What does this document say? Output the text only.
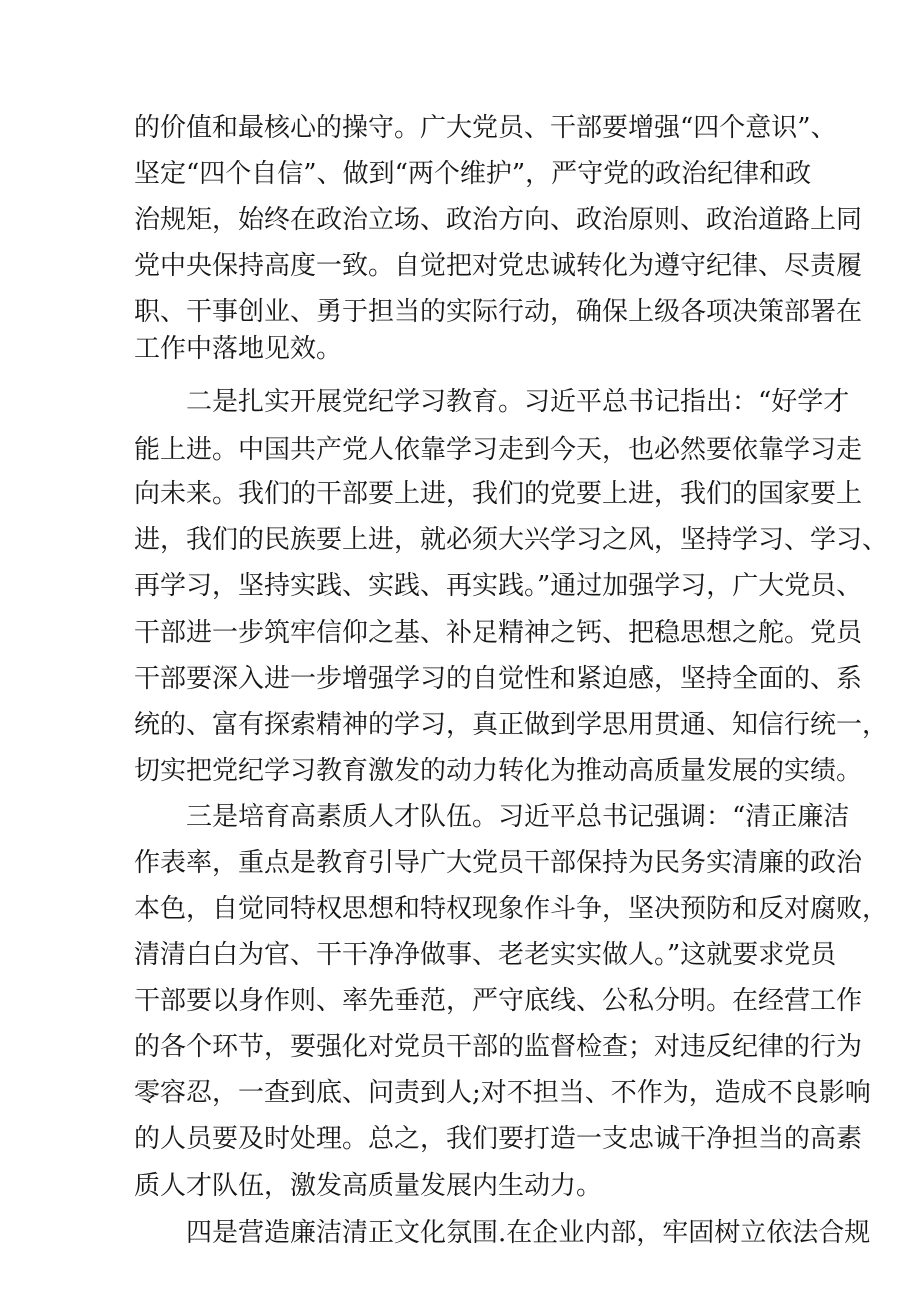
的价值和最核心的操守。广大党员、干部要增强“四个意识”、
坚定“四个自信”、做到“两个维护”，严守党的政治纪律和政
治规矩，始终在政治立场、政治方向、政治原则、政治道路上同
党中央保持高度一致。自觉把对党忠诚转化为遵守纪律、尽责履
职、干事创业、勇于担当的实际行动，确保上级各项决策部署在
工作中落地见效。
二是扎实开展党纪学习教育。习近平总书记指出：“好学才
能上进。中国共产党人依靠学习走到今天，也必然要依靠学习走
向未来。我们的干部要上进，我们的党要上进，我们的国家要上
进，我们的民族要上进，就必须大兴学习之风，坚持学习、学习、
再学习，坚持实践、实践、再实践。”通过加强学习，广大党员、
干部进一步筑牢信仰之基、补足精神之钙、把稳思想之舵。党员
干部要深入进一步增强学习的自觉性和紧迫感，坚持全面的、系
统的、富有探索精神的学习，真正做到学思用贯通、知信行统一，
切实把党纪学习教育激发的动力转化为推动高质量发展的实绩。
三是培育高素质人才队伍。习近平总书记强调：“清正廉洁
作表率，重点是教育引导广大党员干部保持为民务实清廉的政治
本色，自觉同特权思想和特权现象作斗争，坚决预防和反对腐败，
清清白白为官、干干净净做事、老老实实做人。”这就要求党员
干部要以身作则、率先垂范，严守底线、公私分明。在经营工作
的各个环节，要强化对党员干部的监督检查；对违反纪律的行为
零容忍，一查到底、问责到人;对不担当、不作为，造成不良影响
的人员要及时处理。总之，我们要打造一支忠诚干净担当的高素
质人才队伍，激发高质量发展内生动力。
四是营造廉洁清正文化氛围.在企业内部，牢固树立依法合规
